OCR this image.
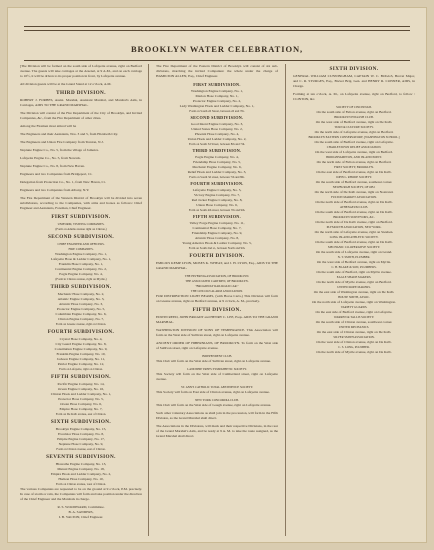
BROOKLYN WATER CELEBRATION,
[The Division will be formed on the south side of Lafayette avenue, right on Bedford avenue. The guests will take carriages at the Arsenal, at 9 A.M., and on each carriage to 10½, it will be driven to its proper position in front, by Lafayette avenue.
All division guests will be at the Grand Stand at 12 o'clock, A.M.
THIRD DIVISION.
ROBERT J. FORBES, Assist. Marshal, Assistant Marshal, and Marshal's Aids, in Carriages, AIDS TO THE GRAND MARSHAL.
The Division will consist of the Fire Department of the City of Brooklyn, and Invited Companies, &c., from the Fire Department of other cities.
Among the Firemen most attired will be
The Engineers and their Assistants, Nos. 3 and 5, from Elizabeth City.
The Engineers and Union Fire Company from Trenton, N.J.
Neptune Engine Co., No. 5, from the village of Jamaica.
Lafayette Engine Co., No. 5, from Newark.
Neptune Engine Co., No. 8, from New Haven.
Engineers and two Companies from Bridgeport, Ct.
Delegation from Protection Co., No. 1, from New Haven, Ct.
Engineers and two Companies from Albany, N.Y.
The Fire Department of the Western District of Brooklyn will be divided into seven subdivisions, according to the Companies, with arms and horses as follows: Chief Engineer and Assistants, Foreman, Chief Engineer.
FIRST SUBDIVISION.
UNIFORM, VISITING COMPANIES.
(Form on Adams avenue right on Clinton.)
SECOND SUBDIVISION.
CHIEF ENGINEER AND OFFICERS.
FIRE COMPANIES.
Washington Engine Company, No. 1,
Lafayette Hose & Ladder Company, No. 1,
Franklin Hose Company, No. 1,
Continental Engine Company, No. 2,
Eagle Engine Company, No. 4,
(Form in Clinton avenue, right on Myrtle.)
THIRD SUBDIVISION.
Mechanic Hose Company, No. 2,
Atlantic Engine Company, No. 3,
Atlantic Hose Company, No. 3,
Protector Engine Company, No. 5,
Columbian Engine Company, No. 6,
Clinton Engine Company, No. 7,
Form on Greene avenue, right on Clinton.
FOURTH SUBDIVISION.
Crystal Hose Company, No. 4,
City Guard Engine Company, No. 8,
Constitution Engine Company, No. 9,
Franklin Engine Company, No. 10,
Jackson Engine Company, No. 11,
Patriot Engine Company, No. 12,
Form on Lafayette, right on Clinton.
FIFTH SUBDIVISION.
Pacific Engine Company, No. 14,
Ocean Engine Company, No. 16,
Clinton Hook and Ladder Company, No. 1,
Protector Hose Company, No. 5,
Ocean Hose Company, No. 6,
Empire Hose Company, No. 7,
Form on De Kalb avenue, east of Clinton.
SIXTH SUBDIVISION.
Brooklyn Engine Company, No. 15,
Excelsior Hose Company, No. 8,
Empire Engine Company, No. 17,
Neptune Hose Company, No. 9,
Form on Clinton avenue, east of Clinton.
SEVENTH SUBDIVISION.
Hiawatha Engine Company, No. 13,
Mutual Engine Company, No. 18,
Empire Hook and Ladder Company, No. 2,
Hudson Hose Company, No. 10,
Form on Clinton avenue, west of Clinton.
The various Companies are requested to be on the ground at 9 o'clock, P.M. precisely. In case of storm or rain, the Companies will form and take position under the direction of the Chief Engineer and the Marshals in charge.
R. S. WOODWARD, Committee.
B. A. SANDERS,
I. B. VALTON, Chief Engineer.
The Fire Department of the Eastern District of Brooklyn will consist of six sub-divisions, marching the invited Companies: the whole under the charge of HAMILTON ALLEN, Esq., Chief Engineer.
FIRST SUBDIVISION.
Washington Engine Company, No. 1,
Marion Hose Company, No. 1,
Protector Engine Company, No. 2,
Lady Washington Hook and Ladder Company, No. 1,
Form on South 2d Street, between 2d and 7th.
SECOND SUBDIVISION.
Good Intent Engine Company, No. 3,
United States Hose Company, No. 2,
Phoenix Hose Company, No. 4,
Union Hook and Ladder Company, No. 2,
Form on South 3d Street, between 8th and 7th.
THIRD SUBDIVISION.
Eagle Engine Company, No. 4,
Friendship Hose Company, No. 5,
Mechanic Engine Company, No. 6,
Relief Hook and Ladder Company, No. 3,
Form on South 3d street, between 7th and 8th.
FOURTH SUBDIVISION.
Lafayette Engine Company, No. 5,
Victory Engine Company, No. 7,
Red Jacket Engine Company, No. 8,
Union Hose Company, No. 6,
Form on South 4th street, between 7th and 9th.
FIFTH SUBDIVISION.
Valley Forge Engine Company, No. 11,
Continental Hose Company, No. 7,
Friendship Engine Company, No. 9,
Atlantic Hose Company, No. 8,
Young America Hook & Ladder Company, No. 5,
Form on South 2nd st., between North and 9th.
FOURTH DIVISION.
EMILIUS KEMP LYON, MOSES K. WHEAT, and J. H. LYON, Esq., AIDS TO THE GRAND MARSHAL.
THE HIVERNIA ASSOCIATION, OF BROOKLYN.
THE ASSOCIATED CARTMEN, OF BROOKLYN.
"BROADWAY RAILROAD CAR."
THE LINCOLN ALARM ASSOCIATION.
FOR DISTRIBUTION LIGHT BEAMS, (with Horse Carts.) This Division will form on Greene avenue, right on Bedford avenue, at 9 o'clock, A. M., precisely.
FIFTH DIVISION.
EDWIN REED, JOHN BROADT and HENRY C. LEE, Esqs. AIDS TO THE GRAND MARSHAL.
WASHINGTON DIVISION OF SONS OF TEMPERANCE. This Association will form on the West side of Sullivan street, right on Lafayette avenue.
ANCIENT ORDER OF HIBERNIANS, OF BROOKLYN. To form on the West side of Sullivan street, right on Lafayette avenue.
INDEPENDENT CLUB.
This Club will form on the West side of Sullivan street, right on Lafayette avenue.
LANDSHIP TREES SYMPATHETIC SOCIETY.
This Society will form on the West side of Cumberland street, right on Lafayette avenue.
ST. ANN'S CATHOLIC TOTAL ABSTINENCE SOCIETY.
This Society will form on East side of Clinton avenue, right on Lafayette avenue.
NEW YORK CONCORDIA CLUB.
This Club will form on the West side of Gough avenue, right on Lafayette avenue.
Such other voluntary Associations as shall join in the procession, will form in the Fifth Division, as the Grand Marshal shall direct.
The Associations in the Divisions, will mark and their respective Divisions, in the rear of the Grand Marshal's Aids, and be ready at 9 A. M. to take the route assigned, as the Grand Marshal shall direct.
SIXTH DIVISION.
GENERAL WILLIAM CUNNINGHAM, CAPTAIN W. C. BOGGS, Brevet Major, and C. R. STURGES, Esq., Brevet Brig. Gen. and HENRY R. CONNER, AIDS, in Charge.
Forming at ten o'clock, A. M., on Lafayette avenue, right on Bedford, to follow : CLINTON, &c.
SOCIETY OF CINCINNATI.
On the south side of Fulton avenue, right on Bedford.
BROOKLYN ENGLISH CLUB.
On the west side of Bedford avenue, right on De Kalb.
TURN & CULTURE SOCIETY.
On the north side of Lafayette avenue, right on Bedford.
BROOKLYN EASTERN CONSERVATORY, [WASHINGTON SCHOOL.]
On the south side of Bedford avenue, right on Lafayette.
CHARLESTOWN RELIEF ASSOCIATION.
On the west side of Lafayette avenue, right on Bedford.
BRIDGEHAMPTON, AND ISLAND POINT.
On the north side of Fulton avenue, right on Bedford.
FIRST SOCIETY, BROOKLYN.
On the east side of Bedford avenue, right on De Kalb.
JOHN L. RHODE SOCIETY.
On the south side of Bedford avenue, southeast corner.
NEWBURGH SOCIETY, OF OBJ.
On the north side of De Kalb avenue, right on Nostrand.
FULTON MARKET ASSOCIATION.
On the north side of Bedford avenue, right on De Kalb.
ATHENAEUM CLUB.
On the south side of Bedford avenue, right on De Kalb.
BROOKLYN SURVEYORS, &C.
On the north side of De Kalb avenue, right on Bedford.
PLYMOUTH ASSOCIATION, NEW YORK.
On the north side of Lafayette avenue, right on Steuben.
LONG ISLAND ATHLETIC SOCIETY.
On the south side of Bedford avenue, right on De Kalb.
MECHANIC CO-OPERATIVE SOCIETY.
On the south side of Lafayette avenue, right on Grand.
N. T. SMITH, PLUMBER.
On the west side of Bedford avenue, right on Myrtle.
C. H. BLAKE & SON, PLUMBERS.
On the south side of Bedford, right on Myrtle avenue.
EAGLE SHADE MAKERS.
On the north side of Myrtle avenue, right on Bedford.
UNITED ROPE MAKERS.
On the east side of Washington avenue, right on De Kalb.
HOUSE SMITH, ASSOC.
On the north side of Lafayette avenue, right on Washington.
VARIETY GUARDS.
On the east side of Bedford avenue, right on Lafayette.
WARREN & TALLIS SOCIETY.
On the south side of Clinton avenue, southwest corner.
UNITED MECHANICS.
On the east side of Clinton avenue, right on De Kalb.
SILVER SMITH ASSOCIATION.
On the west side of Clinton avenue, right on De Kalb.
C. S. LONG, PLUMBER.
On the north side of Myrtle avenue, right on De Kalb.
